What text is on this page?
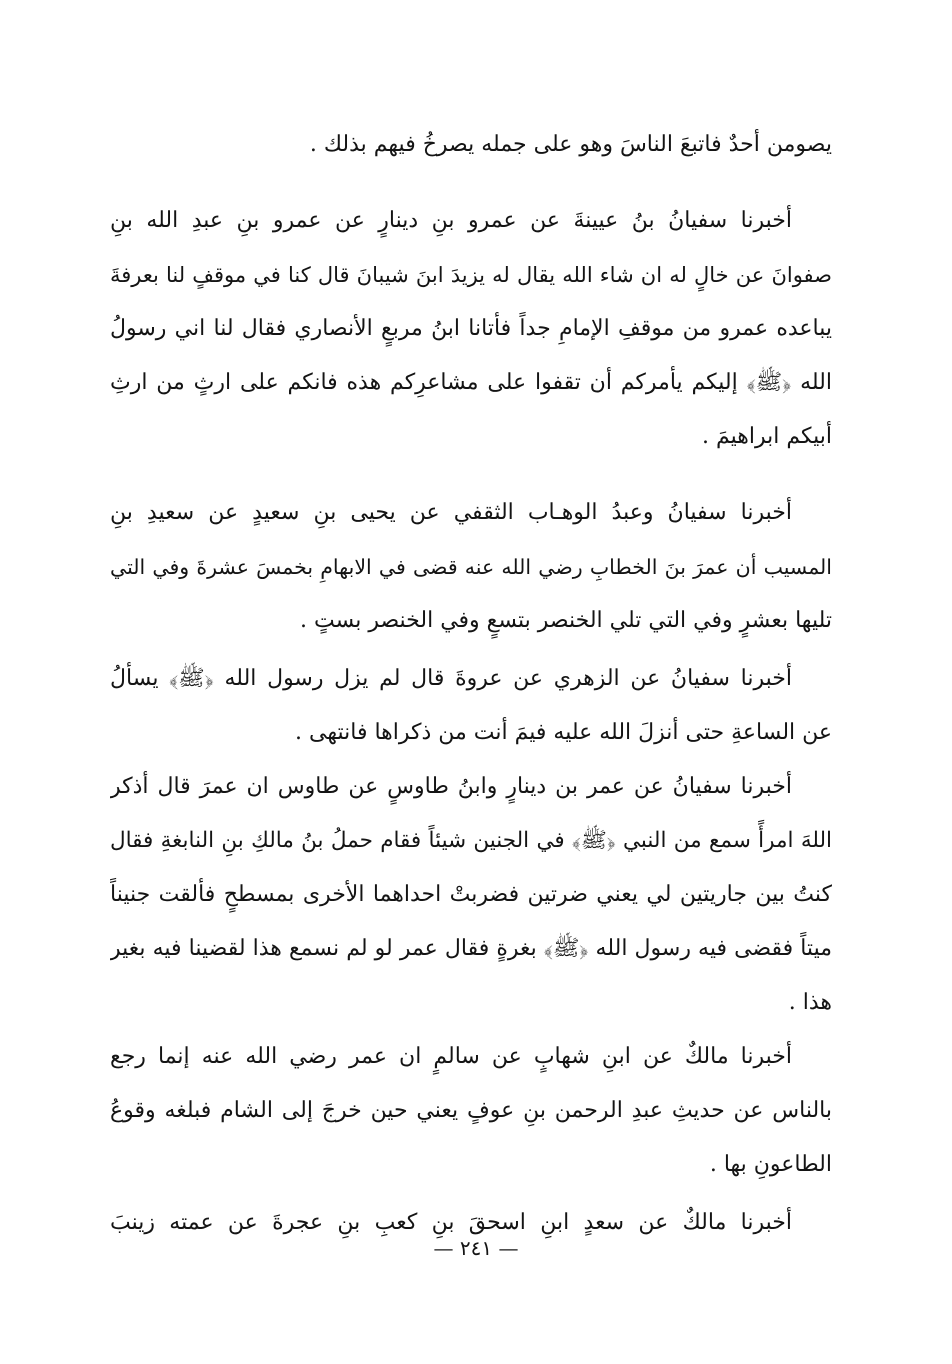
يصومن أحدٌ فاتبعَ الناسَ وهو على جمله يصرخُ فيهم بذلك .
أخبرنا سفيانُ بنُ عيينةَ عن عمرو بنِ دينارٍ عن عمرو بنِ عبدِ الله بنِ
صفوانَ عن خالٍ له ان شاء الله يقال له يزيدَ ابنَ شيبانَ قال كنا في موقفٍ لنا بعرفةَ
يباعده عمرو من موقفِ الإمامِ جداً فأتانا ابنُ مربعٍ الأنصاري فقال لنا اني رسولُ
الله ﴿ﷺ﴾ إليكم يأمركم أن تقفوا على مشاعرِكم هذه فانكم على ارثٍ من ارثِ
أبيكم ابراهيمَ .
أخبرنا سفيانُ وعبدُ الوهـاب الثقفي عن يحيى بنِ سعيدٍ عن سعيدِ بنِ
المسيب أن عمرَ بنَ الخطابِ رضي الله عنه قضى في الابهامِ بخمسَ عشرةَ وفي التي
تليها بعشرٍ وفي التي تلي الخنصر بتسعٍ وفي الخنصر بستٍ .
أخبرنا سفيانُ عن الزهري عن عروةَ قال لم يزل رسول الله ﴿ﷺ﴾ يسألُ
عن الساعةِ حتى أنزلَ الله عليه فيمَ أنت من ذكراها فانتهى .
أخبرنا سفيانُ عن عمر بن دينارٍ وابنُ طاوسٍ عن طاوس ان عمرَ قال أذكر
اللهَ امرأً سمع من النبي ﴿ﷺ﴾ في الجنين شيئاً فقام حملُ بنُ مالكِ بنِ النابغةِ فقال
كنتُ بين جاريتين لي يعني ضرتين فضربتْ احداهما الأخرى بمسطحٍ فألقت جنيناً
ميتاً فقضى فيه رسول الله ﴿ﷺ﴾ بغرةٍ فقال عمر لو لم نسمع هذا لقضينا فيه بغير
هذا .
أخبرنا مالكٌ عن ابنِ شهابٍ عن سالمٍ ان عمر رضي الله عنه إنما رجع
بالناس عن حديثِ عبدِ الرحمن بنِ عوفٍ يعني حين خرجَ إلى الشام فبلغه وقوعُ
الطاعونِ بها .
أخبرنا مالكٌ عن سعدٍ ابنِ اسحقَ بنِ كعبِ بنِ عجرةَ عن عمته زينبَ
— ٢٤١ —
